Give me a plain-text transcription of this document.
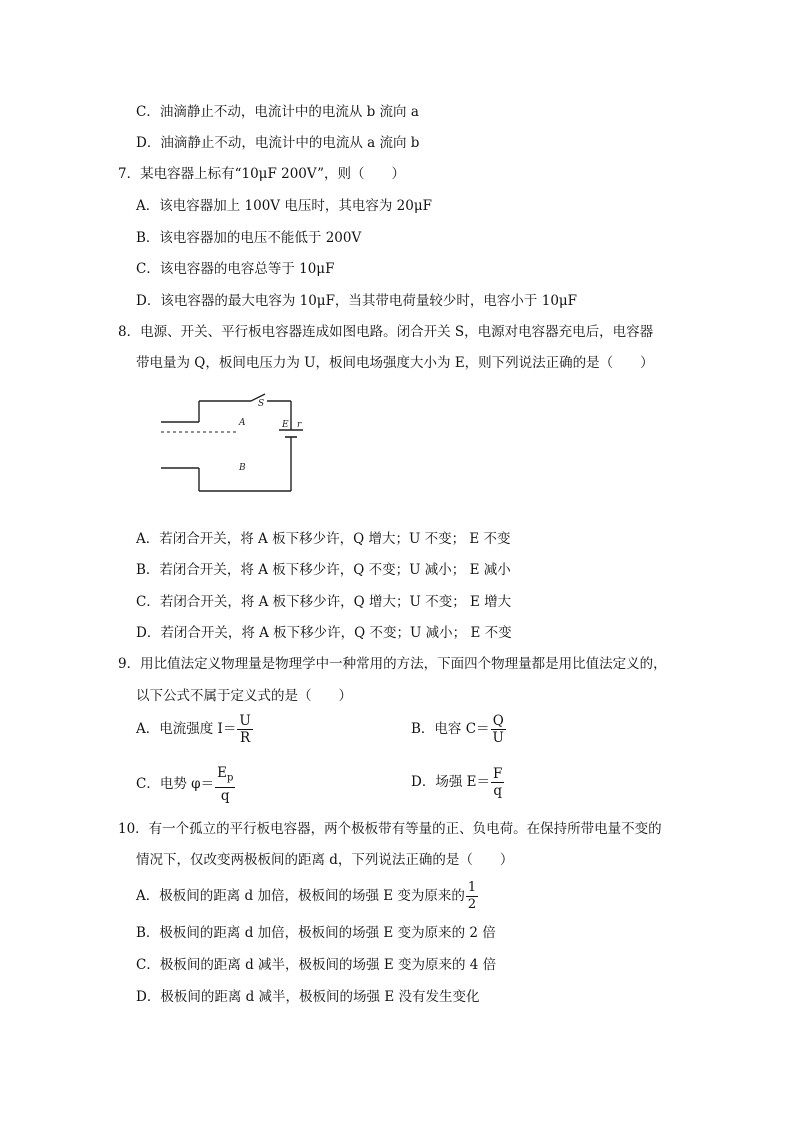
C．油滴静止不动，电流计中的电流从 b 流向 a
D．油滴静止不动，电流计中的电流从 a 流向 b
7．某电容器上标有“10μF 200V”，则（　　）
A．该电容器加上 100V 电压时，其电容为 20μF
B．该电容器加的电压不能低于 200V
C．该电容器的电容总等于 10μF
D．该电容器的最大电容为 10μF，当其带电荷量较少时，电容小于 10μF
8．电源、开关、平行板电容器连成如图电路。闭合开关 S，电源对电容器充电后，电容器
带电量为 Q，板间电压力为 U，板间电场强度大小为 E，则下列说法正确的是（　　）
S
A
B
E r
A．若闭合开关，将 A 板下移少许，Q 增大；U 不变； E 不变
B．若闭合开关，将 A 板下移少许，Q 不变；U 减小； E 减小
C．若闭合开关，将 A 板下移少许，Q 增大；U 不变； E 增大
D．若闭合开关，将 A 板下移少许，Q 不变；U 减小； E 不变
9．用比值法定义物理量是物理学中一种常用的方法，下面四个物理量都是用比值法定义的，
以下公式不属于定义式的是（　　）
A．电流强度 $I= \frac{U}{R}$	B．电容 $C= \frac{Q}{U}$
C．电势 $\varphi= \frac{E_p}{q}$	D．场强 $E= \frac{F}{q}$
10．有一个孤立的平行板电容器，两个极板带有等量的正、负电荷。在保持所带电量不变的
情况下，仅改变两极板间的距离 d，下列说法正确的是（　　）
A．极板间的距离 d 加倍，极板间的场强 E 变为原来的 $\frac{1}{2}$
B．极板间的距离 d 加倍，极板间的场强 E 变为原来的 2 倍
C．极板间的距离 d 减半，极板间的场强 E 变为原来的 4 倍
D．极板间的距离 d 减半，极板间的场强 E 没有发生变化
